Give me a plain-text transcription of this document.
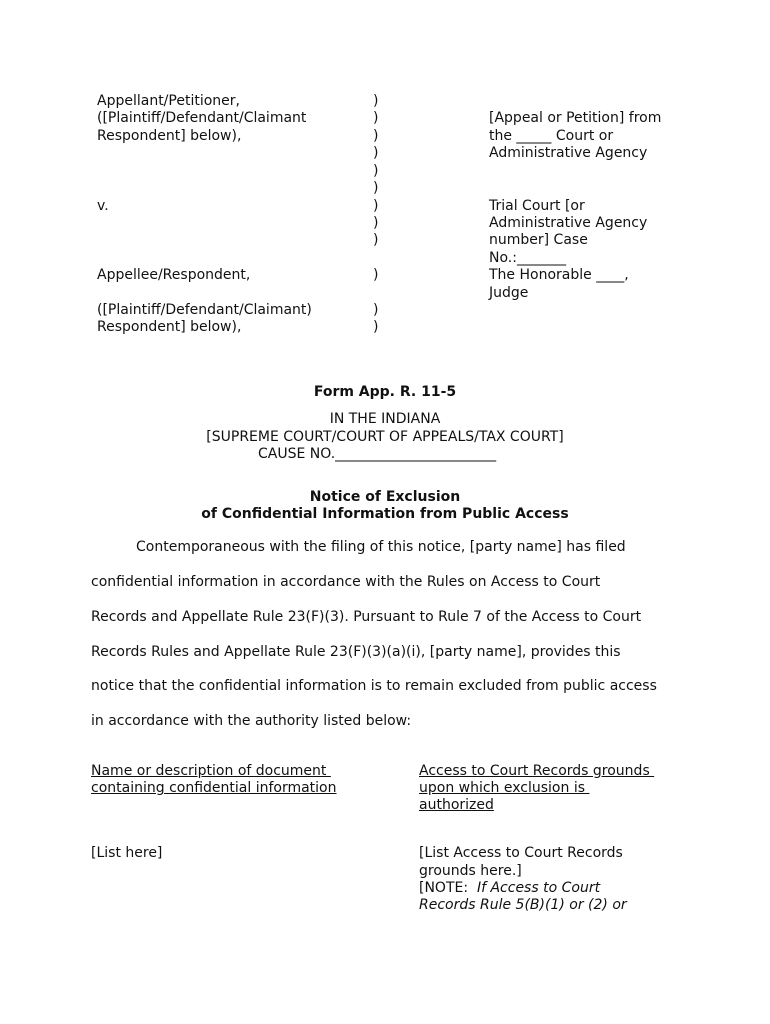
Appellant/Petitioner,
([Plaintiff/Defendant/Claimant
Respondent] below),
v.
Appellee/Respondent,
([Plaintiff/Defendant/Claimant)
Respondent] below),
)
)
)
)
)
)
)
)
)
)
)
)
[Appeal or Petition] from
the _____ Court or
Administrative Agency
Trial Court [or
Administrative Agency
number] Case
No.:_______
The Honorable ____,
Judge
Form App. R. 11-5
IN THE INDIANA
[SUPREME COURT/COURT OF APPEALS/TAX COURT]
CAUSE NO._______________________
Notice of Exclusion
of Confidential Information from Public Access
Contemporaneous with the filing of this notice, [party name] has filed
confidential information in accordance with the Rules on Access to Court
Records and Appellate Rule 23(F)(3). Pursuant to Rule 7 of the Access to Court
Records Rules and Appellate Rule 23(F)(3)(a)(i), [party name], provides this
notice that the confidential information is to remain excluded from public access
in accordance with the authority listed below:
Name or description of document
containing confidential information
Access to Court Records grounds
upon which exclusion is
authorized
[List here]	[List Access to Court Records
grounds here.]
[NOTE:  If Access to Court
Records Rule 5(B)(1) or (2) or
